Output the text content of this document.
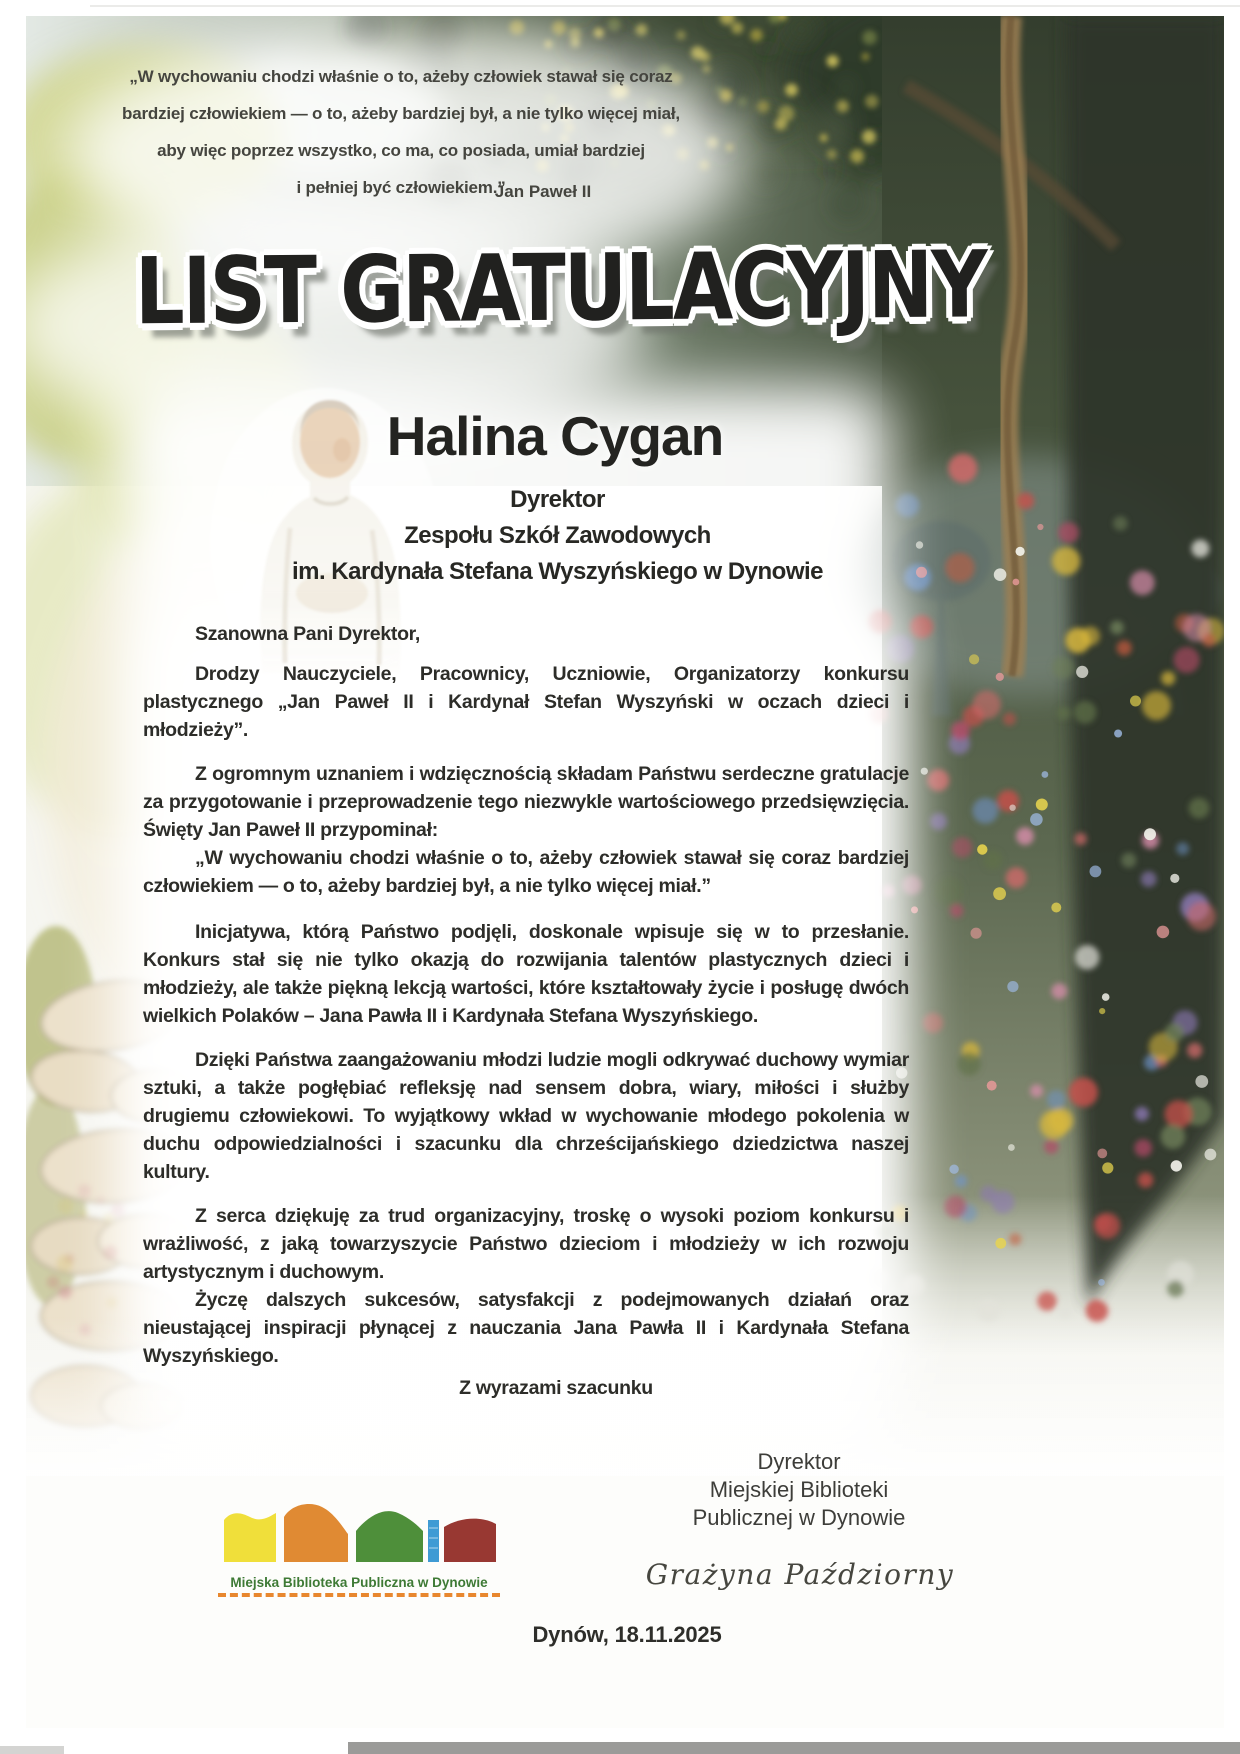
„W wychowaniu chodzi właśnie o to, ażeby człowiek stawał się coraz
bardziej człowiekiem — o to, ażeby bardziej był, a nie tylko więcej miał,
aby więc poprzez wszystko, co ma, co posiada, umiał bardziej
i pełniej być człowiekiem.”
Jan Paweł II
LIST GRATULACYJNY
Halina Cygan
Dyrektor
Zespołu Szkół Zawodowych
im. Kardynała Stefana Wyszyńskiego w Dynowie

Szanowna Pani Dyrektor,

Drodzy Nauczyciele, Pracownicy, Uczniowie, Organizatorzy konkursu plastycznego „Jan Paweł II i Kardynał Stefan Wyszyński w oczach dzieci i młodzieży”.

Z ogromnym uznaniem i wdzięcznością składam Państwu serdeczne gratulacje za przygotowanie i przeprowadzenie tego niezwykle wartościowego przedsięwzięcia. Święty Jan Paweł II przypominał:

„W wychowaniu chodzi właśnie o to, ażeby człowiek stawał się coraz bardziej człowiekiem — o to, ażeby bardziej był, a nie tylko więcej miał.”

Inicjatywa, którą Państwo podjęli, doskonale wpisuje się w to przesłanie. Konkurs stał się nie tylko okazją do rozwijania talentów plastycznych dzieci i młodzieży, ale także piękną lekcją wartości, które kształtowały życie i posługę dwóch wielkich Polaków – Jana Pawła II i Kardynała Stefana Wyszyńskiego.

Dzięki Państwa zaangażowaniu młodzi ludzie mogli odkrywać duchowy wymiar sztuki, a także pogłębiać refleksję nad sensem dobra, wiary, miłości i służby drugiemu człowiekowi. To wyjątkowy wkład w wychowanie młodego pokolenia w duchu odpowiedzialności i szacunku dla chrześcijańskiego dziedzictwa naszej kultury.

Z serca dziękuję za trud organizacyjny, troskę o wysoki poziom konkursu i wrażliwość, z jaką towarzyszycie Państwo dzieciom i młodzieży w ich rozwoju artystycznym i duchowym.

Życzę dalszych sukcesów, satysfakcji z podejmowanych działań oraz nieustającej inspiracji płynącej z nauczania Jana Pawła II i Kardynała Stefana Wyszyńskiego.

Z wyrazami szacunku

Dyrektor
Miejskiej Biblioteki
Publicznej w Dynowie
Grażyna Paździorny
Miejska Biblioteka Publiczna w Dynowie
Dynów, 18.11.2025
